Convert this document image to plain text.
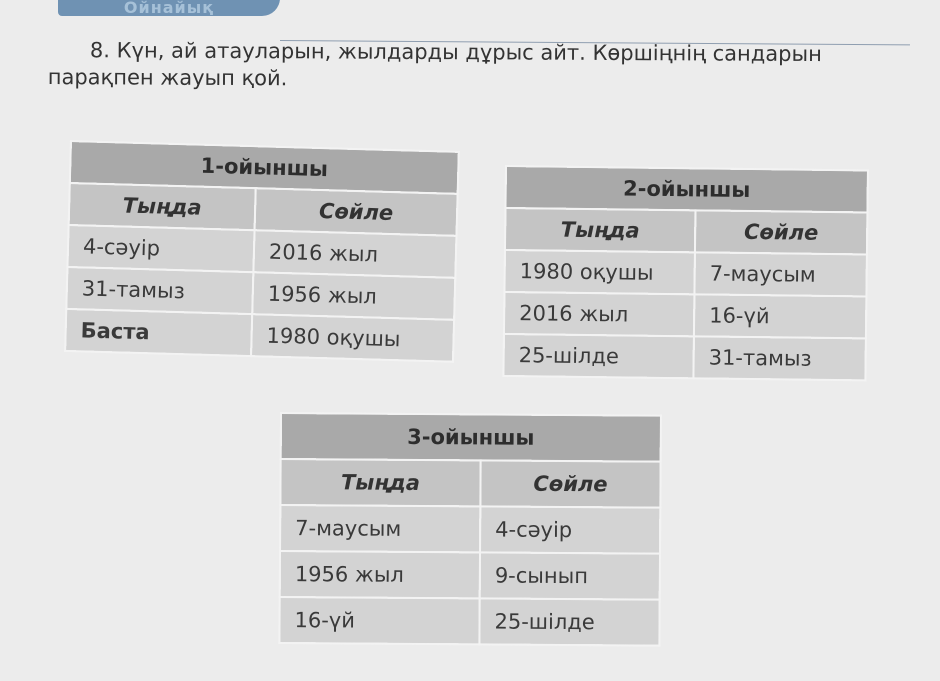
Ойнайық
8. Күн, ай атауларын, жылдарды дұрыс айт. Көршіңнің сандарын парақпен жауып қой.
1-ойыншы	
Тыңда	Сөйле
4-сәуір	2016 жыл
31-тамыз	1956 жыл
Баста	1980 оқушы
2-ойыншы	
Тыңда	Сөйле
1980 оқушы	7-маусым
2016 жыл	16-үй
25-шілде	31-тамыз
3-ойыншы	
Тыңда	Сөйле
7-маусым	4-сәуір
1956 жыл	9-сынып
16-үй	25-шілде
